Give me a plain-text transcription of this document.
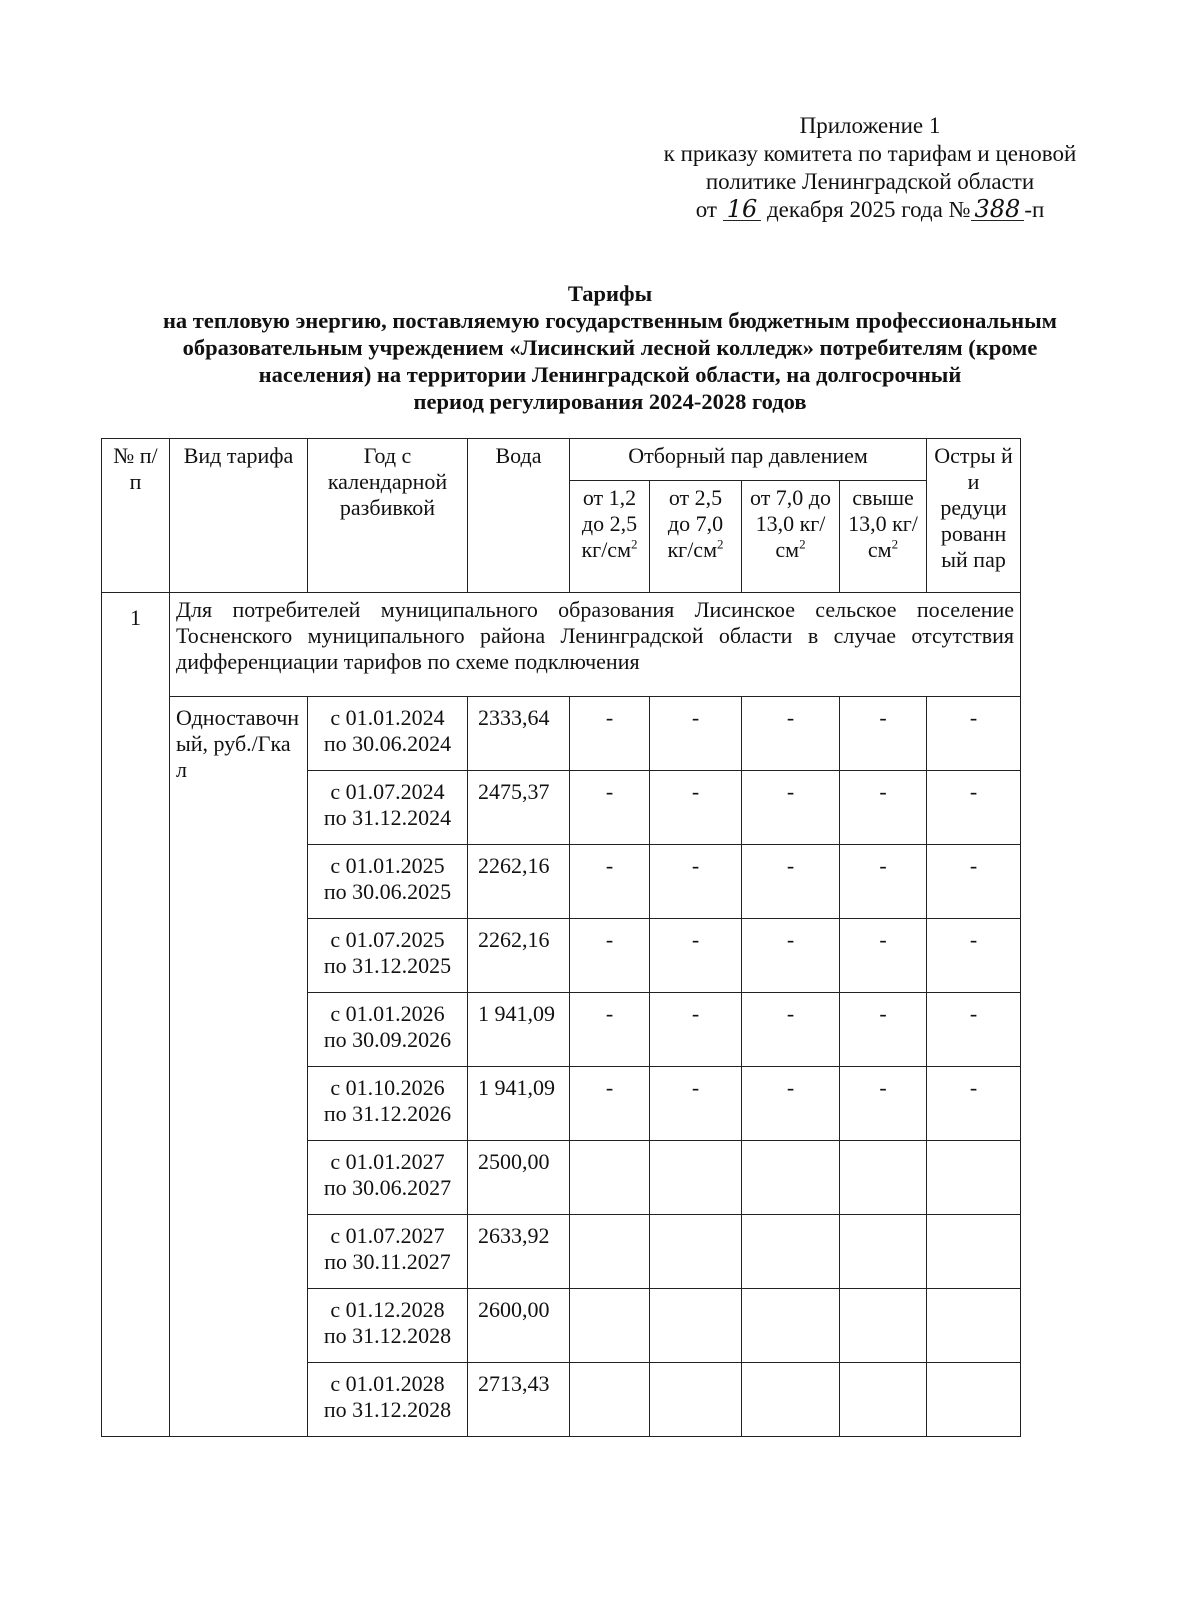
Приложение 1
к приказу комитета по тарифам и ценовой
политике Ленинградской области
от 16 декабря 2025 года № 388 -п
Тарифы
на тепловую энергию, поставляемую государственным бюджетным профессиональным
образовательным учреждением «Лисинский лесной колледж» потребителям (кроме
населения) на территории Ленинградской области, на долгосрочный
период регулирования 2024-2028 годов
№ п/п	Вид тарифа	Год с календарной разбивкой	Вода	Отборный пар давлением				Остры й и редуци рованн ый пар
				от 1,2 до 2,5 $кг/см^2$	от 2,5 до 7,0 $кг/см^2$	от 7,0 до 13,0 $кг/см^2$	свыше 13,0 $кг/см^2$
1	Для потребителей муниципального образования Лисинское сельское поселение Тосненского муниципального района Ленинградской области в случае отсутствия дифференциации тарифов по схеме подключения							
	Одноставочный, руб./Гкал	с 01.01.2024
по 30.06.2024	2333,64	-	-	-	-	-

		с 01.07.2024
по 31.12.2024	2475,37	-	-	-	-	-

		с 01.01.2025
по 30.06.2025	2262,16	-	-	-	-	-

		с 01.07.2025
по 31.12.2025	2262,16	-	-	-	-	-

		с 01.01.2026
по 30.09.2026	1 941,09	-	-	-	-	-

		с 01.10.2026
по 31.12.2026	1 941,09	-	-	-	-	-

		с 01.01.2027
по 30.06.2027	2500,00					

		с 01.07.2027
по 30.11.2027	2633,92					

		с 01.12.2028
по 31.12.2028	2600,00					

		с 01.01.2028
по 31.12.2028	2713,43					
